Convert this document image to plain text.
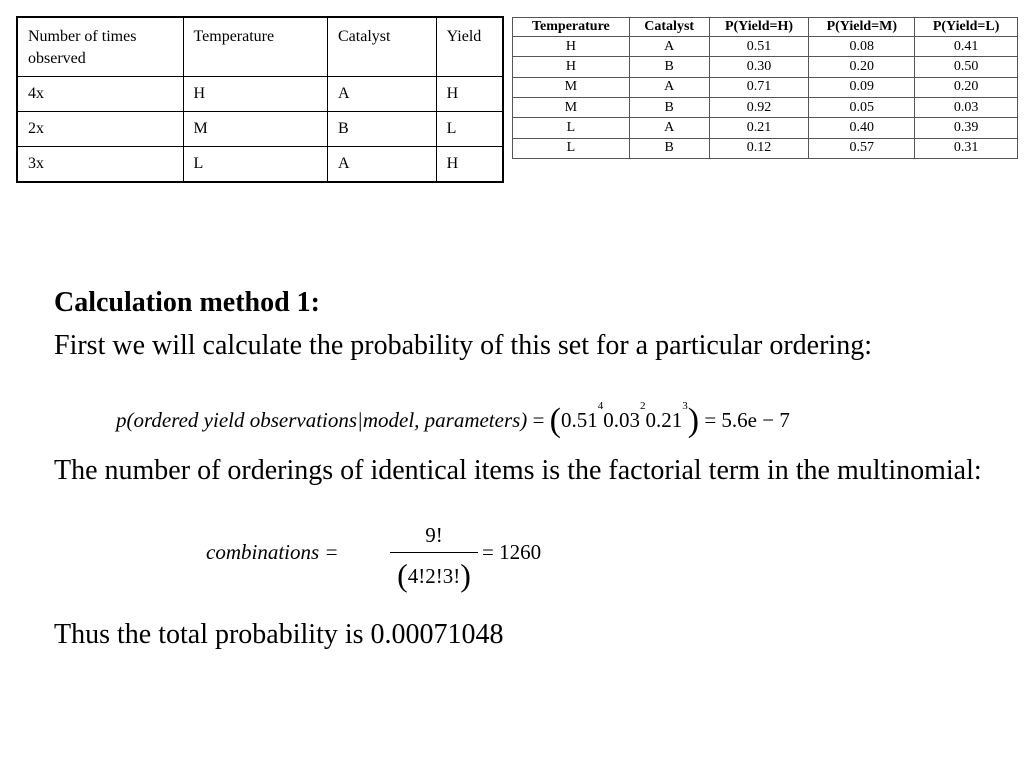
Number of times observed	Temperature	Catalyst	Yield
4x	H	A	H
2x	M	B	L
3x	L	A	H
Temperature	Catalyst	P(Yield=H)	P(Yield=M)	P(Yield=L)
H	A	0.51	0.08	0.41
H	B	0.30	0.20	0.50
M	A	0.71	0.09	0.20
M	B	0.92	0.05	0.03
L	A	0.21	0.40	0.39
L	B	0.12	0.57	0.31
Calculation method 1:
First we will calculate the probability of this set for a particular ordering:
p(ordered yield observations|model, parameters) = $(0.51^40.03^20.21^3) = 5.6e - 7$
The number of orderings of identical items is the factorial term in the multinomial:
combinations =
9!
(4!2!3!)
= 1260
Thus the total probability is 0.00071048
